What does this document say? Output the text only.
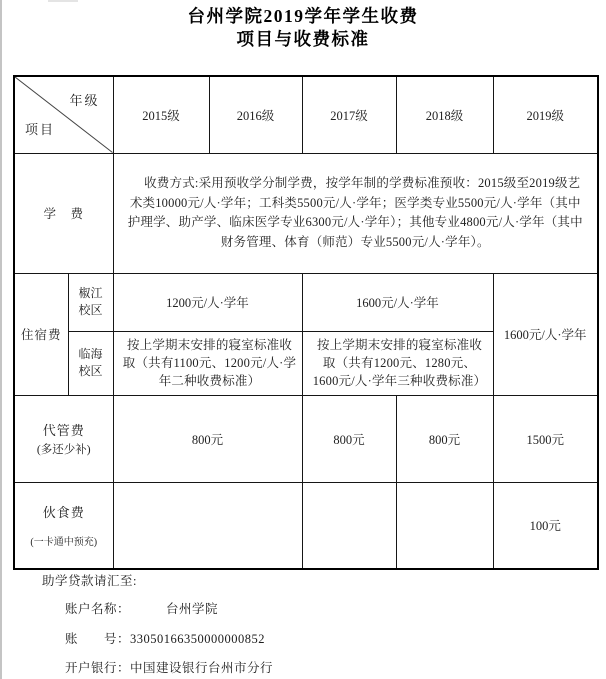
台州学院2019学年学生收费
项目与收费标准
年级
项目		2015级	2016级	2017级	2018级	2019级
学　费		收费方式:采用预收学分制学费，按学年制的学费标准预收：2015级至2019级艺术类10000元/人·学年；工科类5500元/人·学年；医学类专业5500元/人·学年（其中护理学、助产学、临床医学专业6300元/人·学年）；其他专业4800元/人·学年（其中财务管理、体育（师范）专业5500元/人·学年）。				
住宿费	椒江校区	1200元/人·学年		1600元/人·学年		1600元/人·学年
	临海校区	按上学期末安排的寝室标准收取（共有1100元、1200元/人·学年二种收费标准）		按上学期末安排的寝室标准收取（共有1200元、1280元、1600元/人·学年三种收费标准）		

代管费
(多还少补)		800元		800元	800元	1500元

伙食费
(一卡通中预充)						100元
助学贷款请汇至:
账户名称：	台州学院
账　　号：33050166350000000852
开户银行：中国建设银行台州市分行
